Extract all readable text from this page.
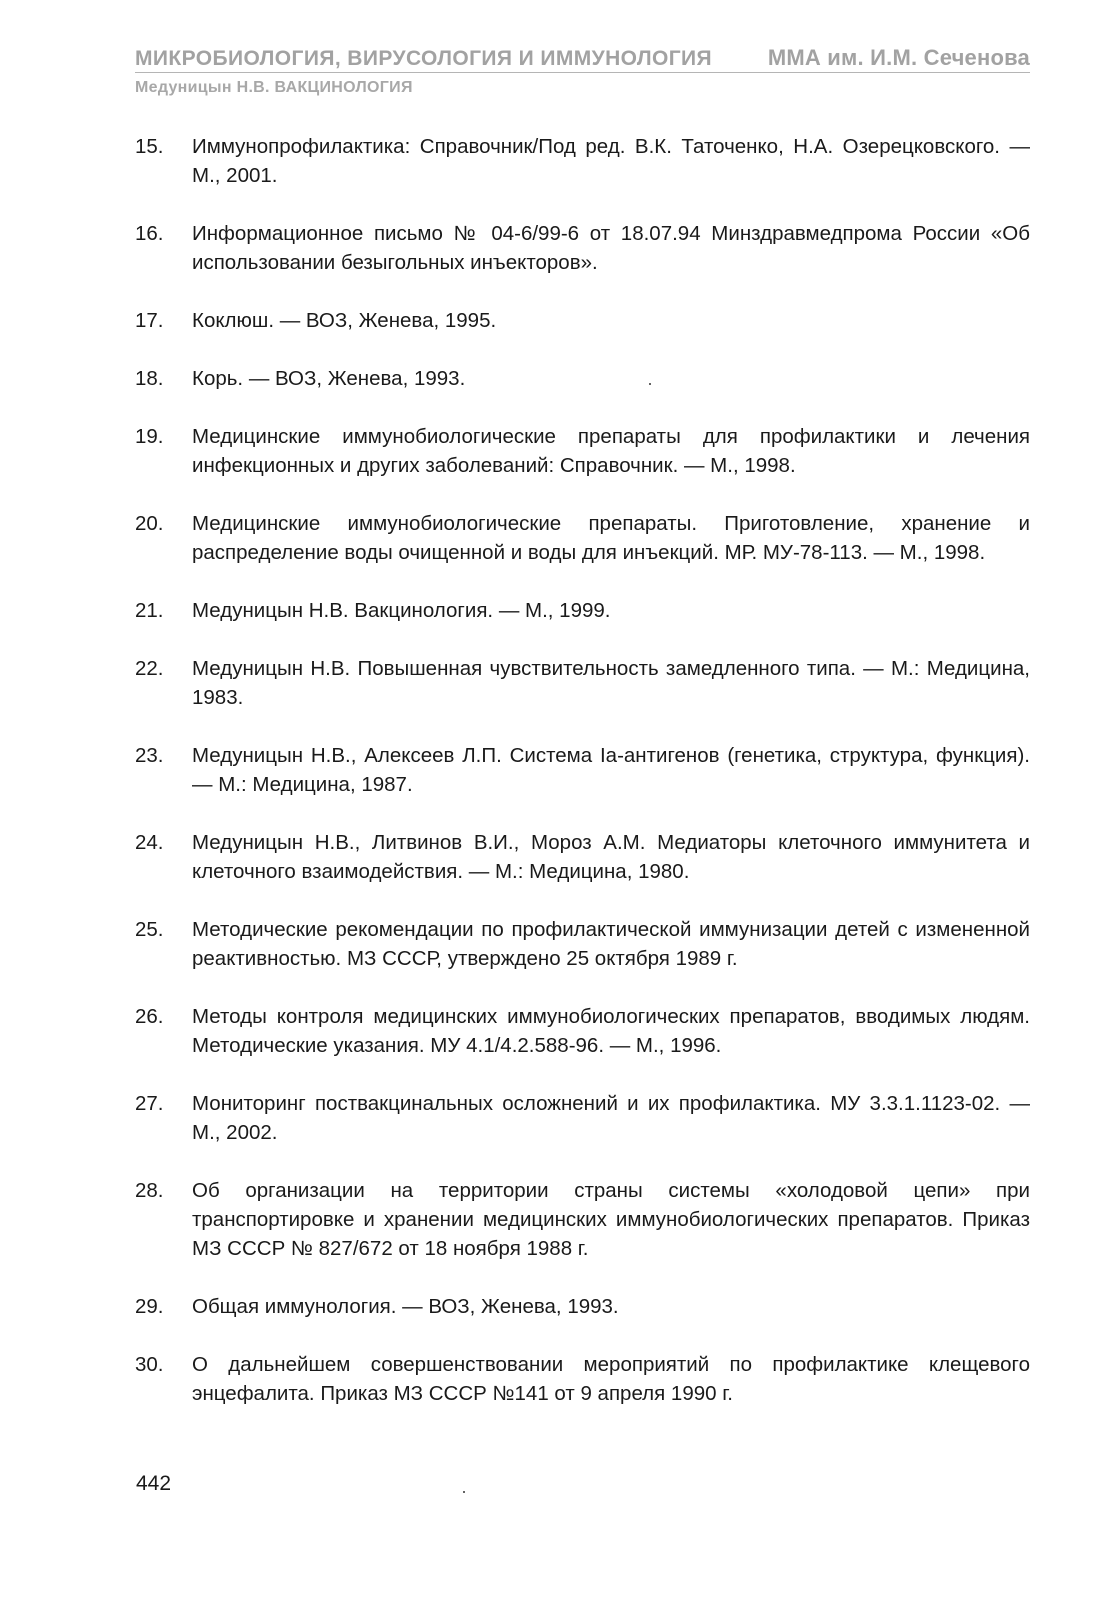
МИКРОБИОЛОГИЯ, ВИРУСОЛОГИЯ И ИММУНОЛОГИЯ	ММА им. И.М. Сеченова
Медуницын Н.В. ВАКЦИНОЛОГИЯ
15.	Иммунопрофилактика: Справочник/Под ред. В.К. Таточенко, Н.А. Озерецковского. — М., 2001.
16.	Информационное письмо № 04-6/99-6 от 18.07.94 Минздравмедпрома России «Об использовании безыгольных инъекторов».
17.	Коклюш. — ВОЗ, Женева, 1995.
18.	Корь. — ВОЗ, Женева, 1993.
19.	Медицинские иммунобиологические препараты для профилактики и лечения инфекционных и других заболеваний: Справочник. — М., 1998.
20.	Медицинские иммунобиологические препараты. Приготовление, хранение и распределение воды очищенной и воды для инъекций. МР. МУ-78-113. — М., 1998.
21.	Медуницын Н.В. Вакцинология. — М., 1999.
22.	Медуницын Н.В. Повышенная чувствительность замедленного типа. — М.: Медицина, 1983.
23.	Медуницын Н.В., Алексеев Л.П. Система Ia-антигенов (генетика, структура, функция). — М.: Медицина, 1987.
24.	Медуницын Н.В., Литвинов В.И., Мороз А.М. Медиаторы клеточного иммунитета и клеточного взаимодействия. — М.: Медицина, 1980.
25.	Методические рекомендации по профилактической иммунизации детей с измененной реактивностью. МЗ СССР, утверждено 25 октября 1989 г.
26.	Методы контроля медицинских иммунобиологических препаратов, вводимых людям. Методические указания. МУ 4.1/4.2.588-96. — М., 1996.
27.	Мониторинг поствакцинальных осложнений и их профилактика. МУ 3.3.1.1123-02. — М., 2002.
28.	Об организации на территории страны системы «холодовой цепи» при транспортировке и хранении медицинских иммунобиологических препаратов. Приказ МЗ СССР № 827/672 от 18 ноября 1988 г.
29.	Общая иммунология. — ВОЗ, Женева, 1993.
30.	О дальнейшем совершенствовании мероприятий по профилактике клещевого энцефалита. Приказ МЗ СССР №141 от 9 апреля 1990 г.
442
